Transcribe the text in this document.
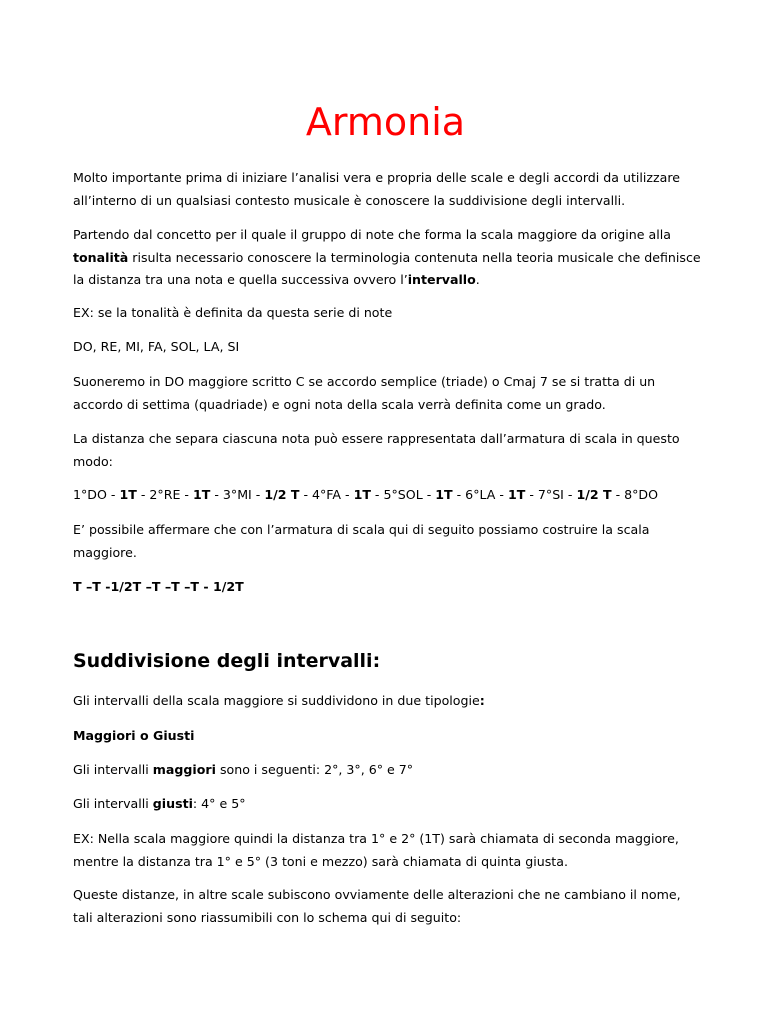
Armonia

Molto importante prima di iniziare l’analisi vera e propria delle scale e degli accordi da utilizzare
all’interno di un qualsiasi contesto musicale è conoscere la suddivisione degli intervalli.

Partendo dal concetto per il quale il gruppo di note che forma la scala maggiore da origine alla
tonalità risulta necessario conoscere la terminologia contenuta nella teoria musicale che definisce
la distanza tra una nota e quella successiva ovvero l’intervallo.

EX: se la tonalità è definita da questa serie di note

DO, RE, MI, FA, SOL, LA, SI

Suoneremo in DO maggiore scritto C se accordo semplice (triade) o Cmaj 7 se si tratta di un
accordo di settima (quadriade) e ogni nota della scala verrà definita come un grado.

La distanza che separa ciascuna nota può essere rappresentata dall’armatura di scala in questo
modo:

1°DO - 1T - 2°RE - 1T - 3°MI - 1/2 T - 4°FA - 1T - 5°SOL - 1T - 6°LA - 1T - 7°SI - 1/2 T - 8°DO

E’ possibile affermare che con l’armatura di scala qui di seguito possiamo costruire la scala
maggiore.

T –T -1/2T –T –T –T - 1/2T

Suddivisione degli intervalli:

Gli intervalli della scala maggiore si suddividono in due tipologie:

Maggiori o Giusti

Gli intervalli maggiori sono i seguenti: 2°, 3°, 6° e 7°

Gli intervalli giusti: 4° e 5°

EX: Nella scala maggiore quindi la distanza tra 1° e 2° (1T) sarà chiamata di seconda maggiore,
mentre la distanza tra 1° e 5° (3 toni e mezzo) sarà chiamata di quinta giusta.

Queste distanze, in altre scale subiscono ovviamente delle alterazioni che ne cambiano il nome,
tali alterazioni sono riassumibili con lo schema qui di seguito:
